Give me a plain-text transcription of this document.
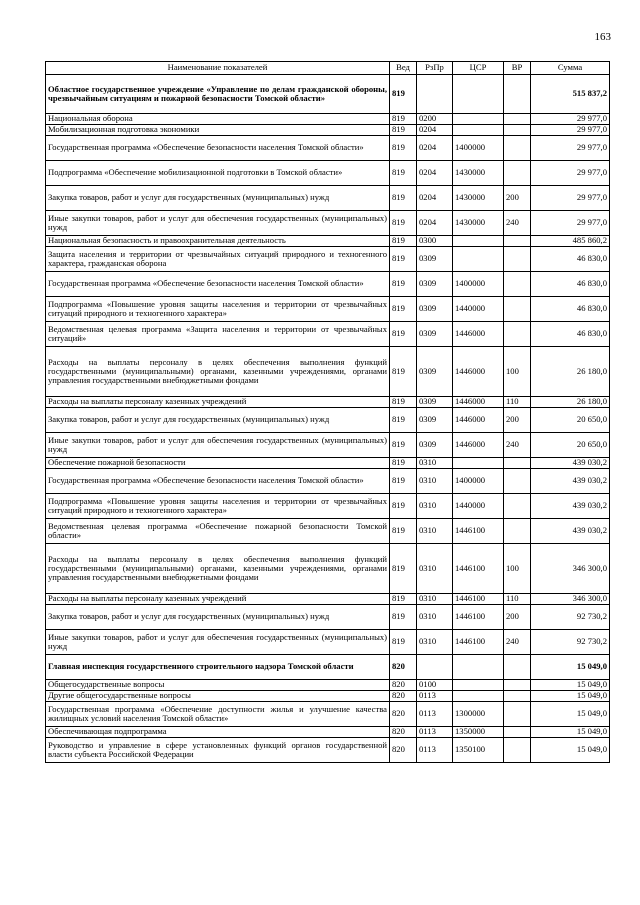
163
Наименование показателей	Вед	РзПр	ЦСР	ВР	Сумма
Областное государственное учреждение «Управление по делам гражданской обороны, чрезвычайным ситуациям и пожарной безопасности Томской области»	819				515 837,2
Национальная оборона	819	0200			29 977,0
Мобилизационная подготовка экономики	819	0204			29 977,0
Государственная программа «Обеспечение безопасности населения Томской области»	819	0204	1400000		29 977,0
Подпрограмма «Обеспечение мобилизационной подготовки в Томской области»	819	0204	1430000		29 977,0
Закупка товаров, работ и услуг для государственных (муниципальных) нужд	819	0204	1430000	200	29 977,0
Иные закупки товаров, работ и услуг для обеспечения государственных (муниципальных) нужд	819	0204	1430000	240	29 977,0
Национальная безопасность и правоохранительная деятельность	819	0300			485 860,2
Защита населения и территории от чрезвычайных ситуаций природного и техногенного характера, гражданская оборона	819	0309			46 830,0
Государственная программа «Обеспечение безопасности населения Томской области»	819	0309	1400000		46 830,0
Подпрограмма «Повышение уровня защиты населения и территории от чрезвычайных ситуаций природного и техногенного характера»	819	0309	1440000		46 830,0
Ведомственная целевая программа «Защита населения и территории от чрезвычайных ситуаций»	819	0309	1446000		46 830,0
Расходы на выплаты персоналу в целях обеспечения выполнения функций государственными (муниципальными) органами, казенными учреждениями, органами управления государственными внебюджетными фондами	819	0309	1446000	100	26 180,0
Расходы на выплаты персоналу казенных учреждений	819	0309	1446000	110	26 180,0
Закупка товаров, работ и услуг для государственных (муниципальных) нужд	819	0309	1446000	200	20 650,0
Иные закупки товаров, работ и услуг для обеспечения государственных (муниципальных) нужд	819	0309	1446000	240	20 650,0
Обеспечение пожарной безопасности	819	0310			439 030,2
Государственная программа «Обеспечение безопасности населения Томской области»	819	0310	1400000		439 030,2
Подпрограмма «Повышение уровня защиты населения и территории от чрезвычайных ситуаций природного и техногенного характера»	819	0310	1440000		439 030,2
Ведомственная целевая программа «Обеспечение пожарной безопасности Томской области»	819	0310	1446100		439 030,2
Расходы на выплаты персоналу в целях обеспечения выполнения функций государственными (муниципальными) органами, казенными учреждениями, органами управления государственными внебюджетными фондами	819	0310	1446100	100	346 300,0
Расходы на выплаты персоналу казенных учреждений	819	0310	1446100	110	346 300,0
Закупка товаров, работ и услуг для государственных (муниципальных) нужд	819	0310	1446100	200	92 730,2
Иные закупки товаров, работ и услуг для обеспечения государственных (муниципальных) нужд	819	0310	1446100	240	92 730,2
Главная инспекция государственного строительного надзора Томской области	820				15 049,0
Общегосударственные вопросы	820	0100			15 049,0
Другие общегосударственные вопросы	820	0113			15 049,0
Государственная программа «Обеспечение доступности жилья и улучшение качества жилищных условий населения Томской области»	820	0113	1300000		15 049,0
Обеспечивающая подпрограмма	820	0113	1350000		15 049,0
Руководство и управление в сфере установленных функций органов государственной власти субъекта Российской Федерации	820	0113	1350100		15 049,0
